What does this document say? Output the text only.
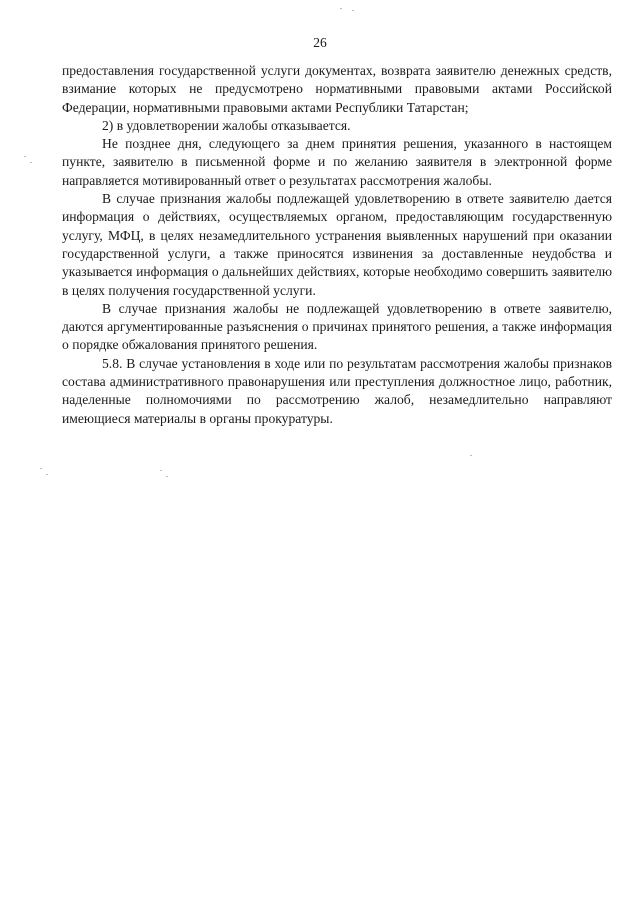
26

предоставления государственной услуги документах, возврата заявителю денежных средств, взимание которых не предусмотрено нормативными правовыми актами Российской Федерации, нормативными правовыми актами Республики Татарстан;

2) в удовлетворении жалобы отказывается.

Не позднее дня, следующего за днем принятия решения, указанного в настоящем пункте, заявителю в письменной форме и по желанию заявителя в электронной форме направляется мотивированный ответ о результатах рассмотрения жалобы.

В случае признания жалобы подлежащей удовлетворению в ответе заявителю дается информация о действиях, осуществляемых органом, предоставляющим государственную услугу, МФЦ, в целях незамедлительного устранения выявленных нарушений при оказании государственной услуги, а также приносятся извинения за доставленные неудобства и указывается информация о дальнейших действиях, которые необходимо совершить заявителю в целях получения государственной услуги.

В случае признания жалобы не подлежащей удовлетворению в ответе заявителю, даются аргументированные разъяснения о причинах принятого решения, а также информация о порядке обжалования принятого решения.

5.8. В случае установления в ходе или по результатам рассмотрения жалобы признаков состава административного правонарушения или преступления должностное лицо, работник, наделенные полномочиями по рассмотрению жалоб, незамедлительно направляют имеющиеся материалы в органы прокуратуры.
